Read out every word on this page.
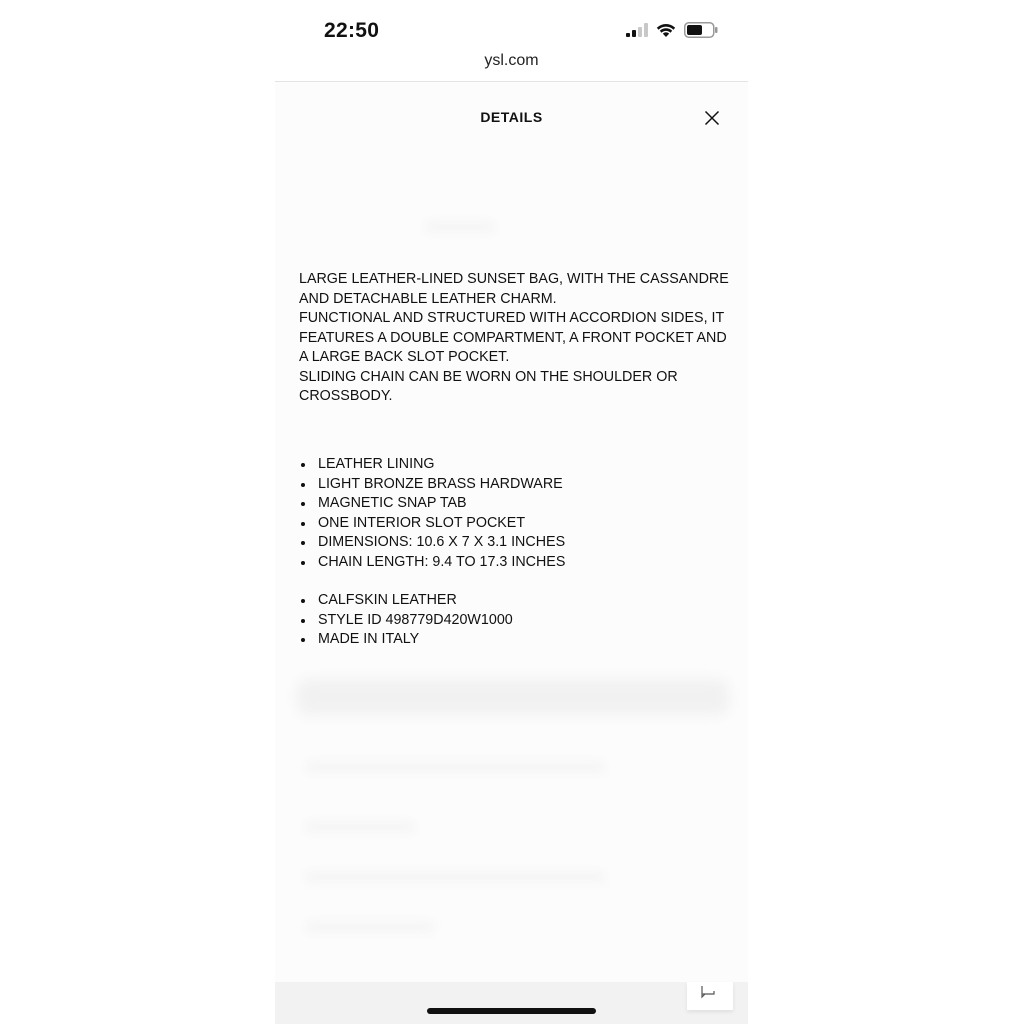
22:50
ysl.com
DETAILS

LARGE LEATHER-LINED SUNSET BAG, WITH THE CASSANDRE AND DETACHABLE LEATHER CHARM.

FUNCTIONAL AND STRUCTURED WITH ACCORDION SIDES, IT FEATURES A DOUBLE COMPARTMENT, A FRONT POCKET AND A LARGE BACK SLOT POCKET.

SLIDING CHAIN CAN BE WORN ON THE SHOULDER OR CROSSBODY.

LEATHER LINING
LIGHT BRONZE BRASS HARDWARE
MAGNETIC SNAP TAB
ONE INTERIOR SLOT POCKET
DIMENSIONS: 10.6 X 7 X 3.1 INCHES
CHAIN LENGTH: 9.4 TO 17.3 INCHES
CALFSKIN LEATHER
STYLE ID 498779D420W1000
MADE IN ITALY
